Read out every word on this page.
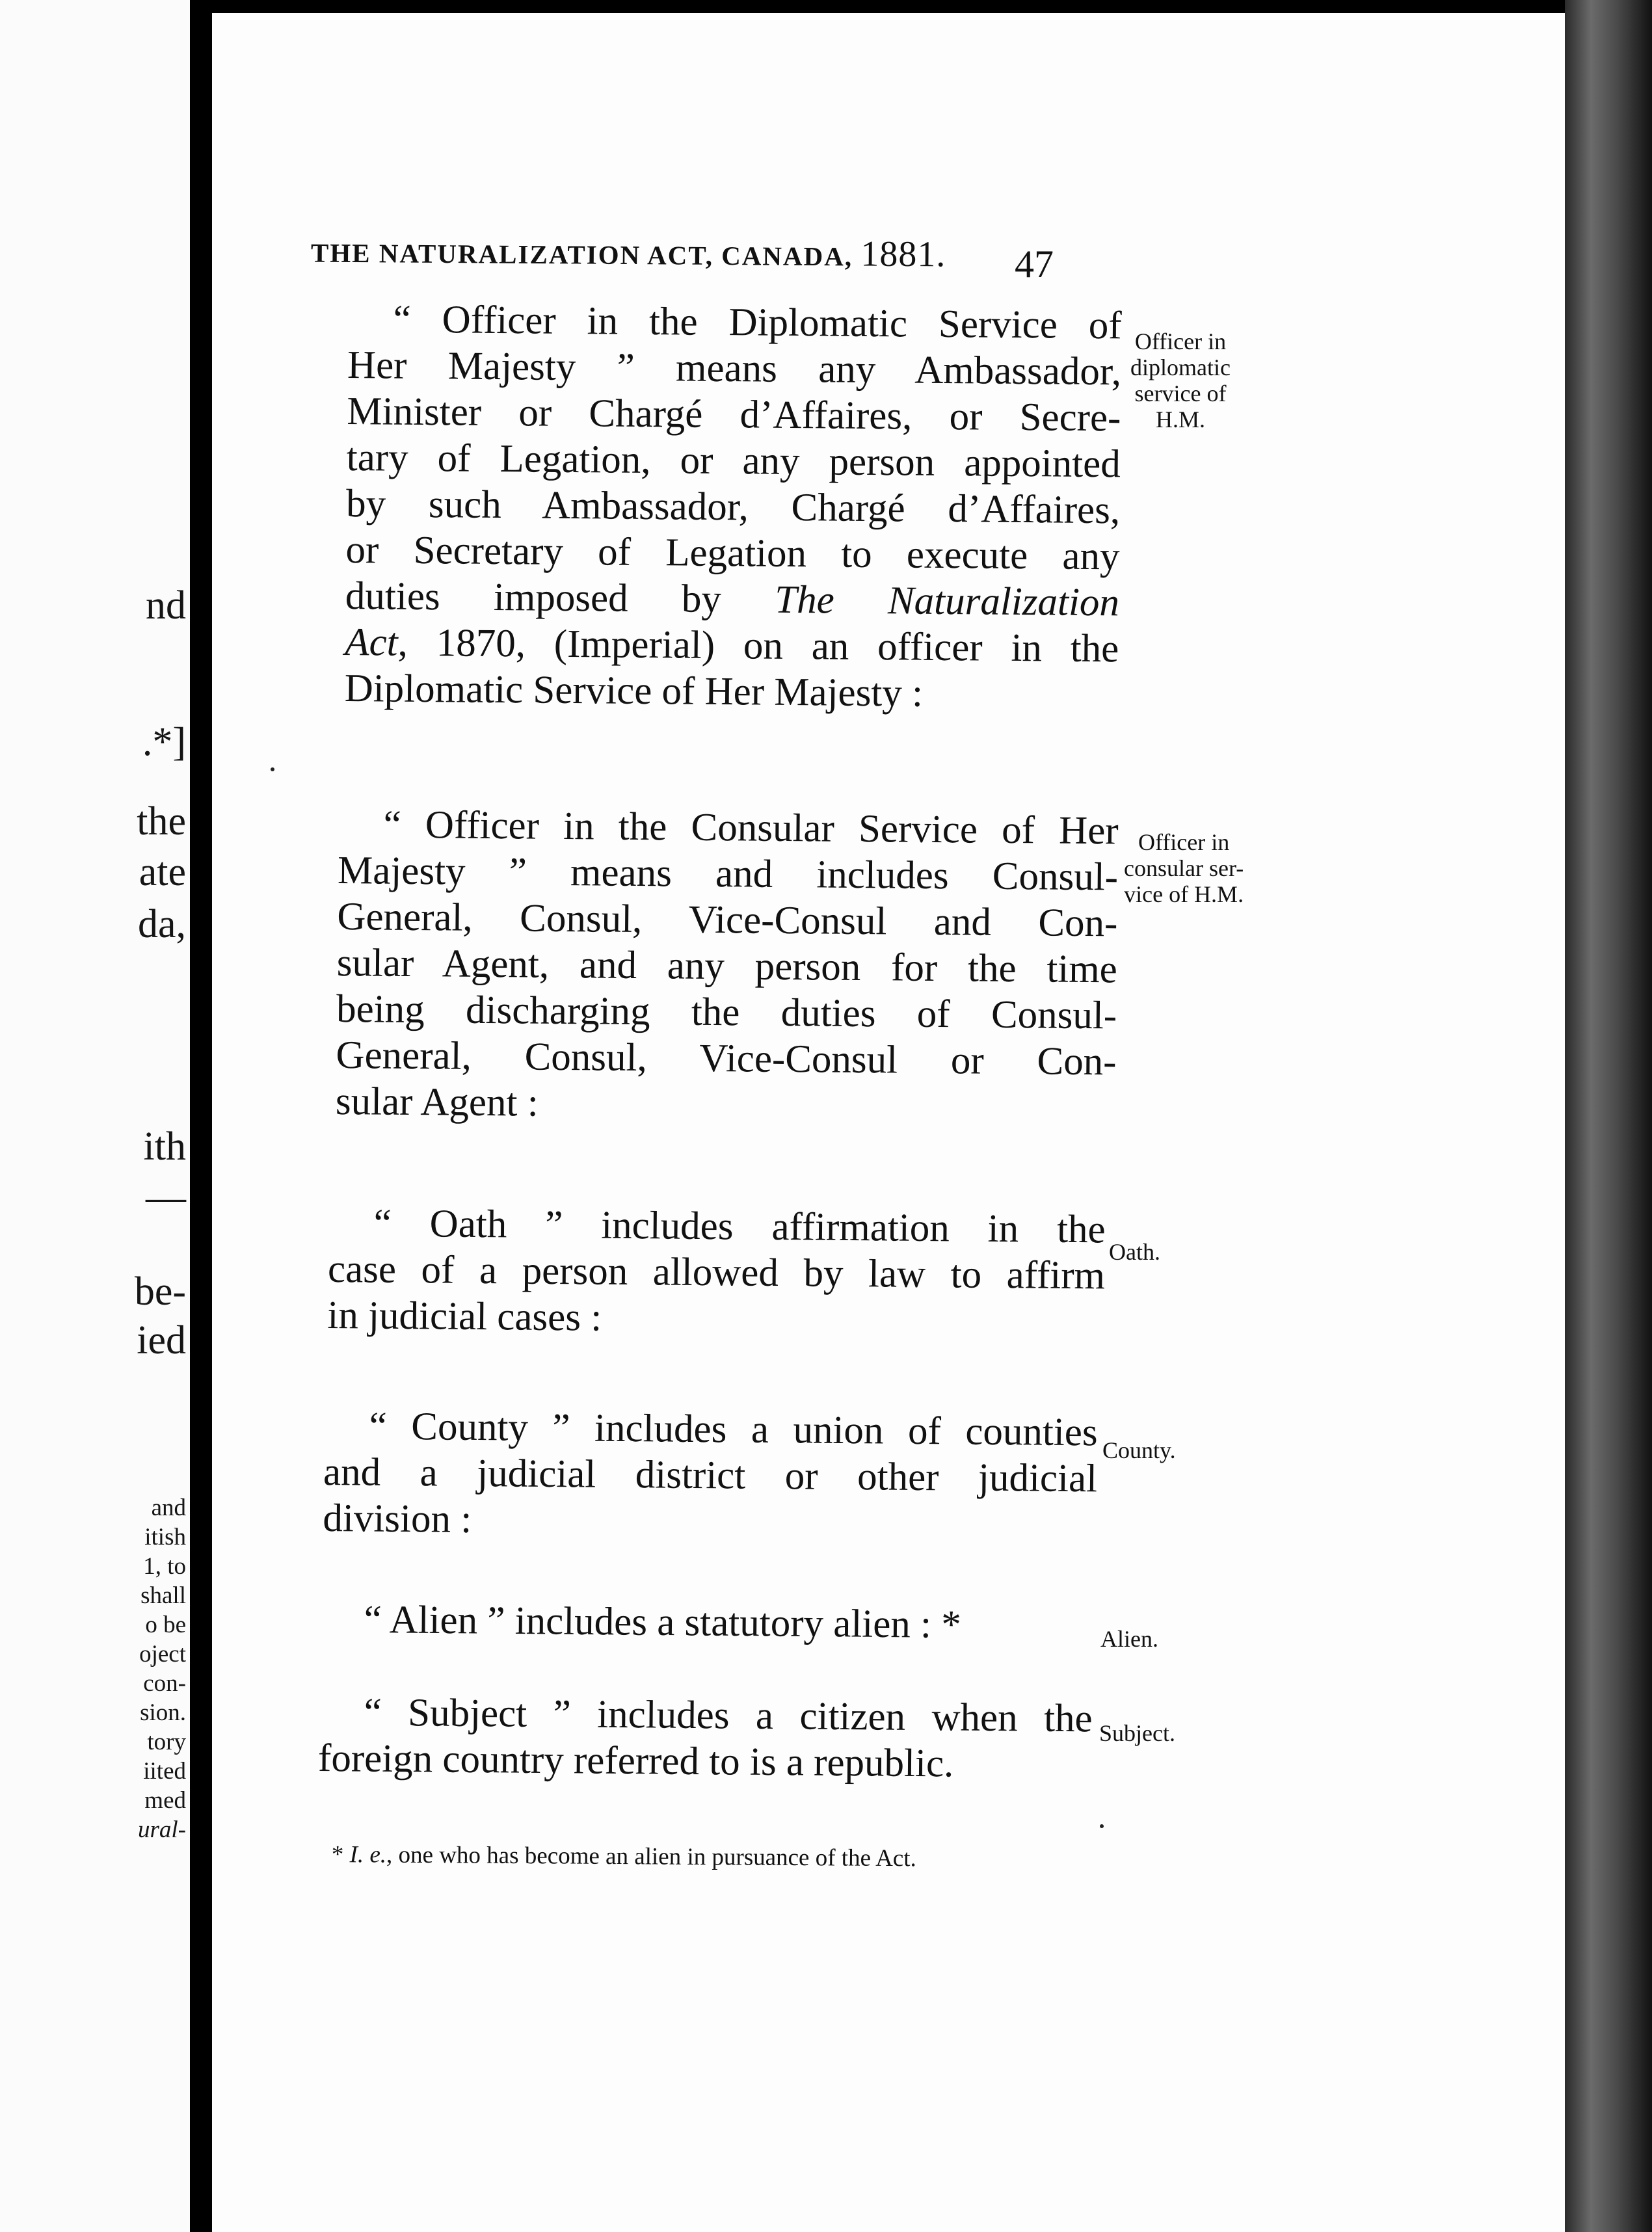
nd
.*]
the
ate
da,
ith
—
be-
ied
and
itish
1, to
shall
o be
oject
con-
sion.
tory
iited
med
ural-
THE NATURALIZATION ACT, CANADA, 1881. 47
“ Officer in the Diplomatic Service of
Her Majesty ” means any Ambassador,
Minister or Chargé d’Affaires, or Secre-
tary of Legation, or any person appointed
by such Ambassador, Chargé d’Affaires,
or Secretary of Legation to execute any
duties imposed by The Naturalization
Act, 1870, (Imperial) on an officer in the
Diplomatic Service of Her Majesty :
Officer in
diplomatic
service of
H.M.
“ Officer in the Consular Service of Her
Majesty ” means and includes Consul-
General, Consul, Vice-Consul and Con-
sular Agent, and any person for the time
being discharging the duties of Consul-
General, Consul, Vice-Consul or Con-
sular Agent :
Officer in
consular ser-
vice of H.M.
“ Oath ” includes affirmation in the
case of a person allowed by law to affirm
in judicial cases :
Oath.
“ County ” includes a union of counties
and a judicial district or other judicial
division :
County.
“ Alien ” includes a statutory alien : *	Alien.
“ Subject ” includes a citizen when the
foreign country referred to is a republic.
Subject.
* I. e., one who has become an alien in pursuance of the Act.
